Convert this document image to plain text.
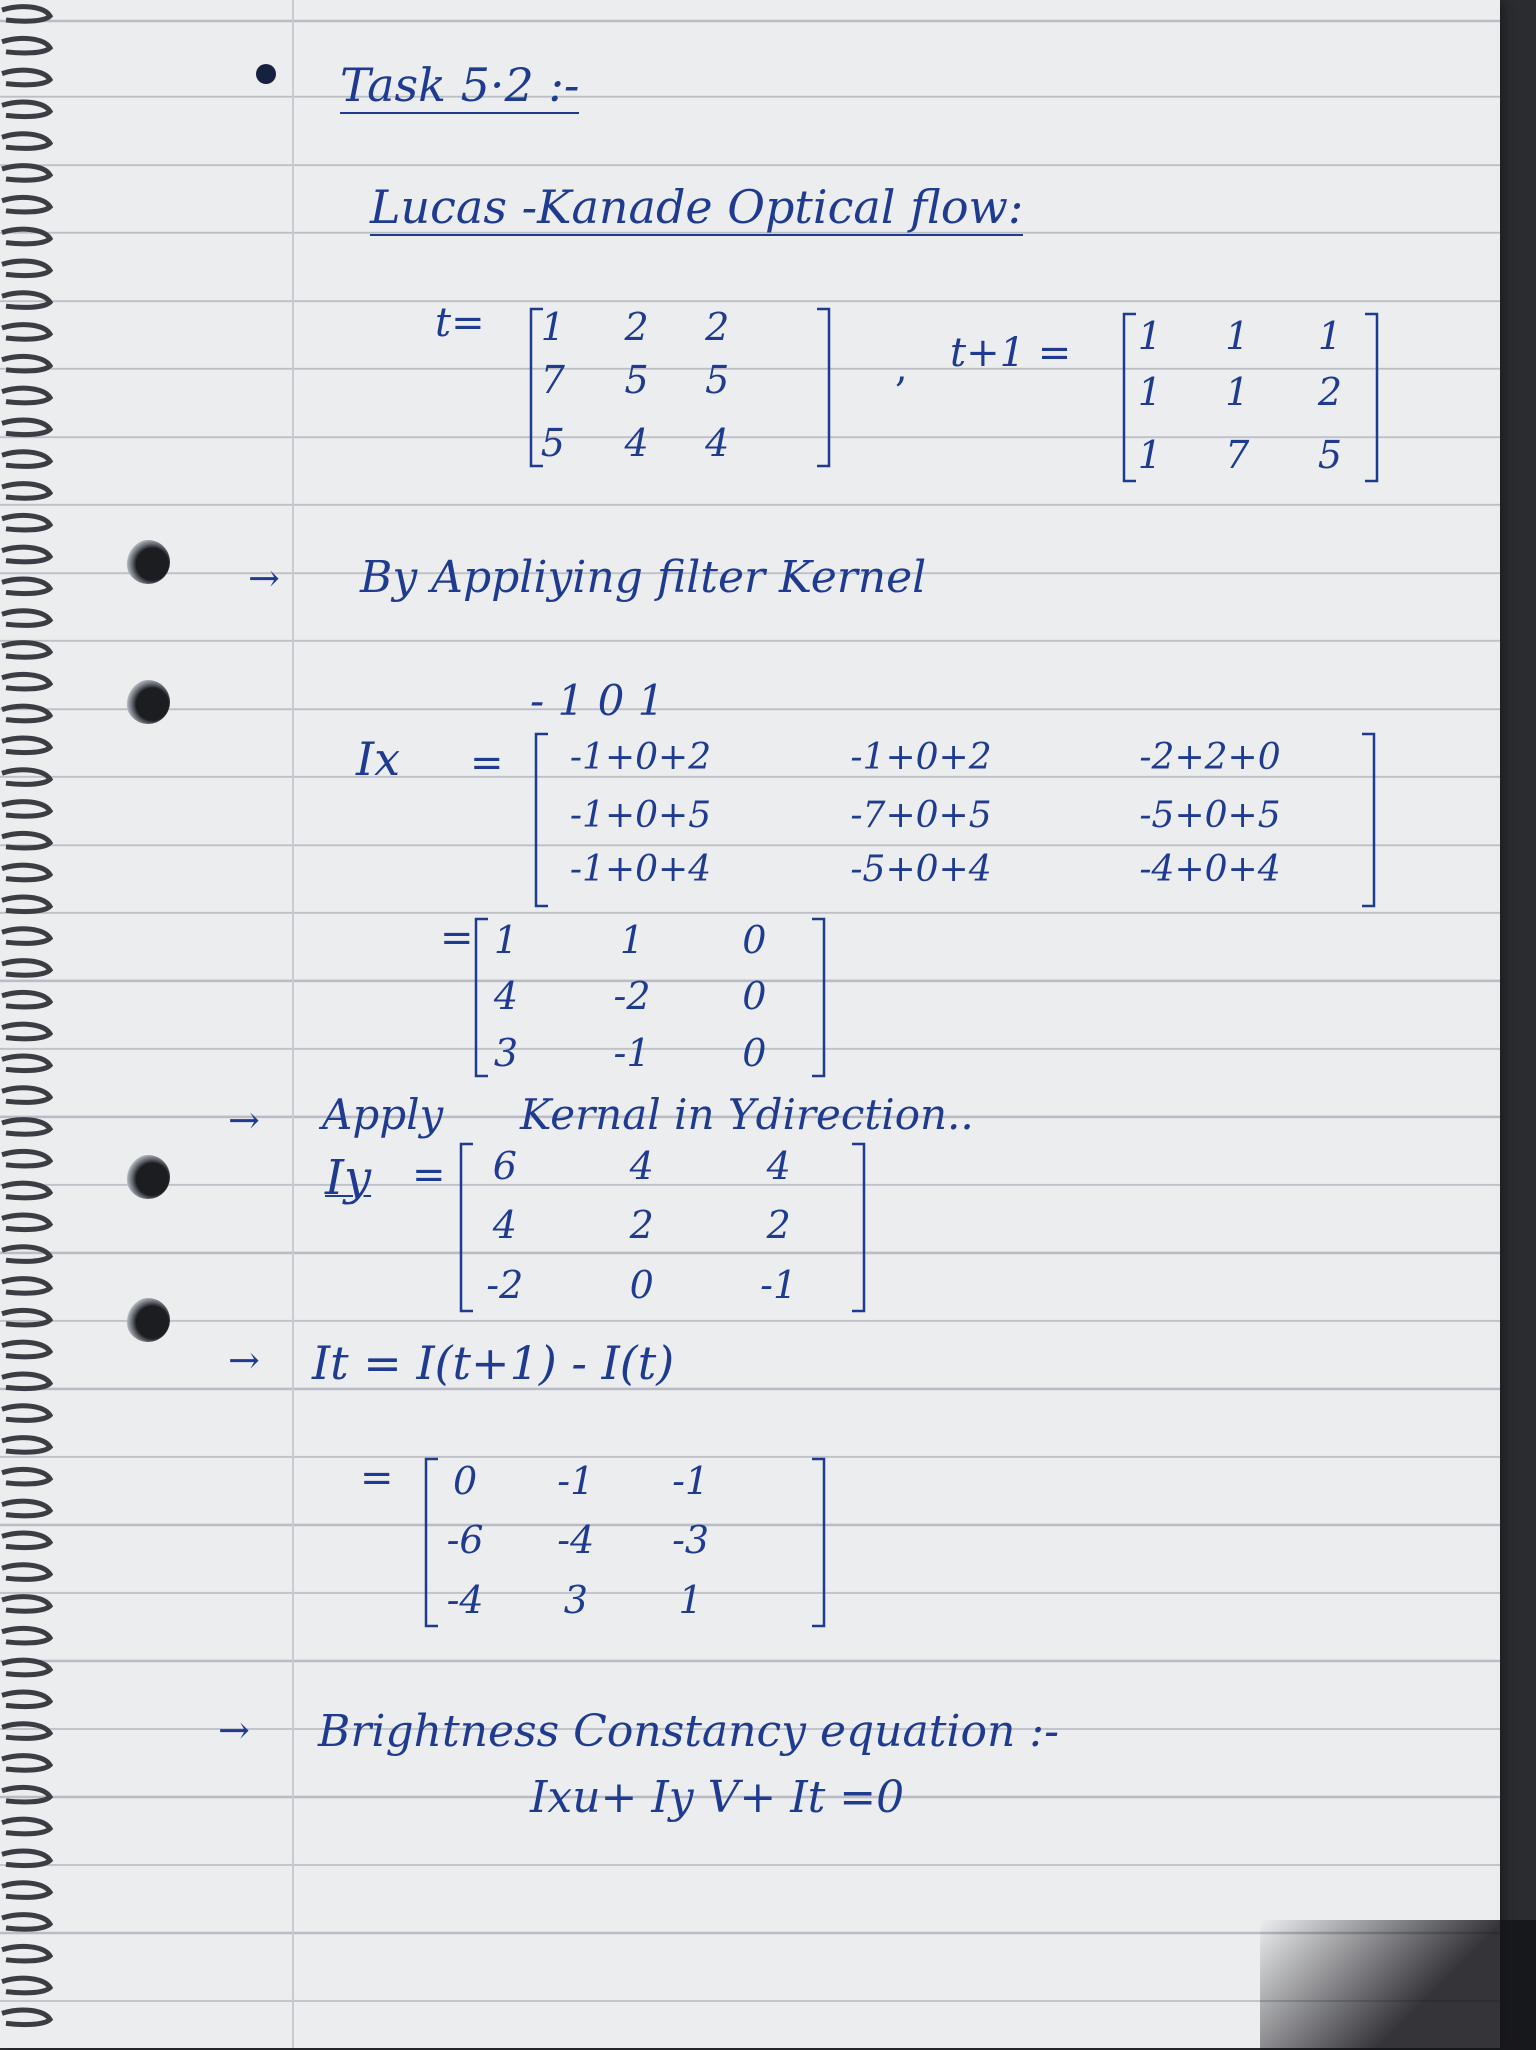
Task 5·2 :-
Lucas -Kanade Optical flow:
t= 1 2 2
7 5 5
5 4 4
, t+1 = 1 1 1
1 1 2
1 7 5
→ By Appliying filter Kernel
- 1 0 1
Ix = -1+0+2	-1+0+2	-2+2+0
-1+0+5	-7+0+5	-5+0+5
-1+0+4	-5+0+4	-4+0+4
= 1	1	0
4	-2 0
3	-1 0
→ Apply Kernal in Ydirection..
Iy = 6	4	4
4	2	2
-2	0	-1
→ It = I(t+1) - I(t)
= 0 -1 -1
-6 -4 -3
-4 3 1
→ Brightness Constancy equation :-
Ixu+ Iy V+ It =0
